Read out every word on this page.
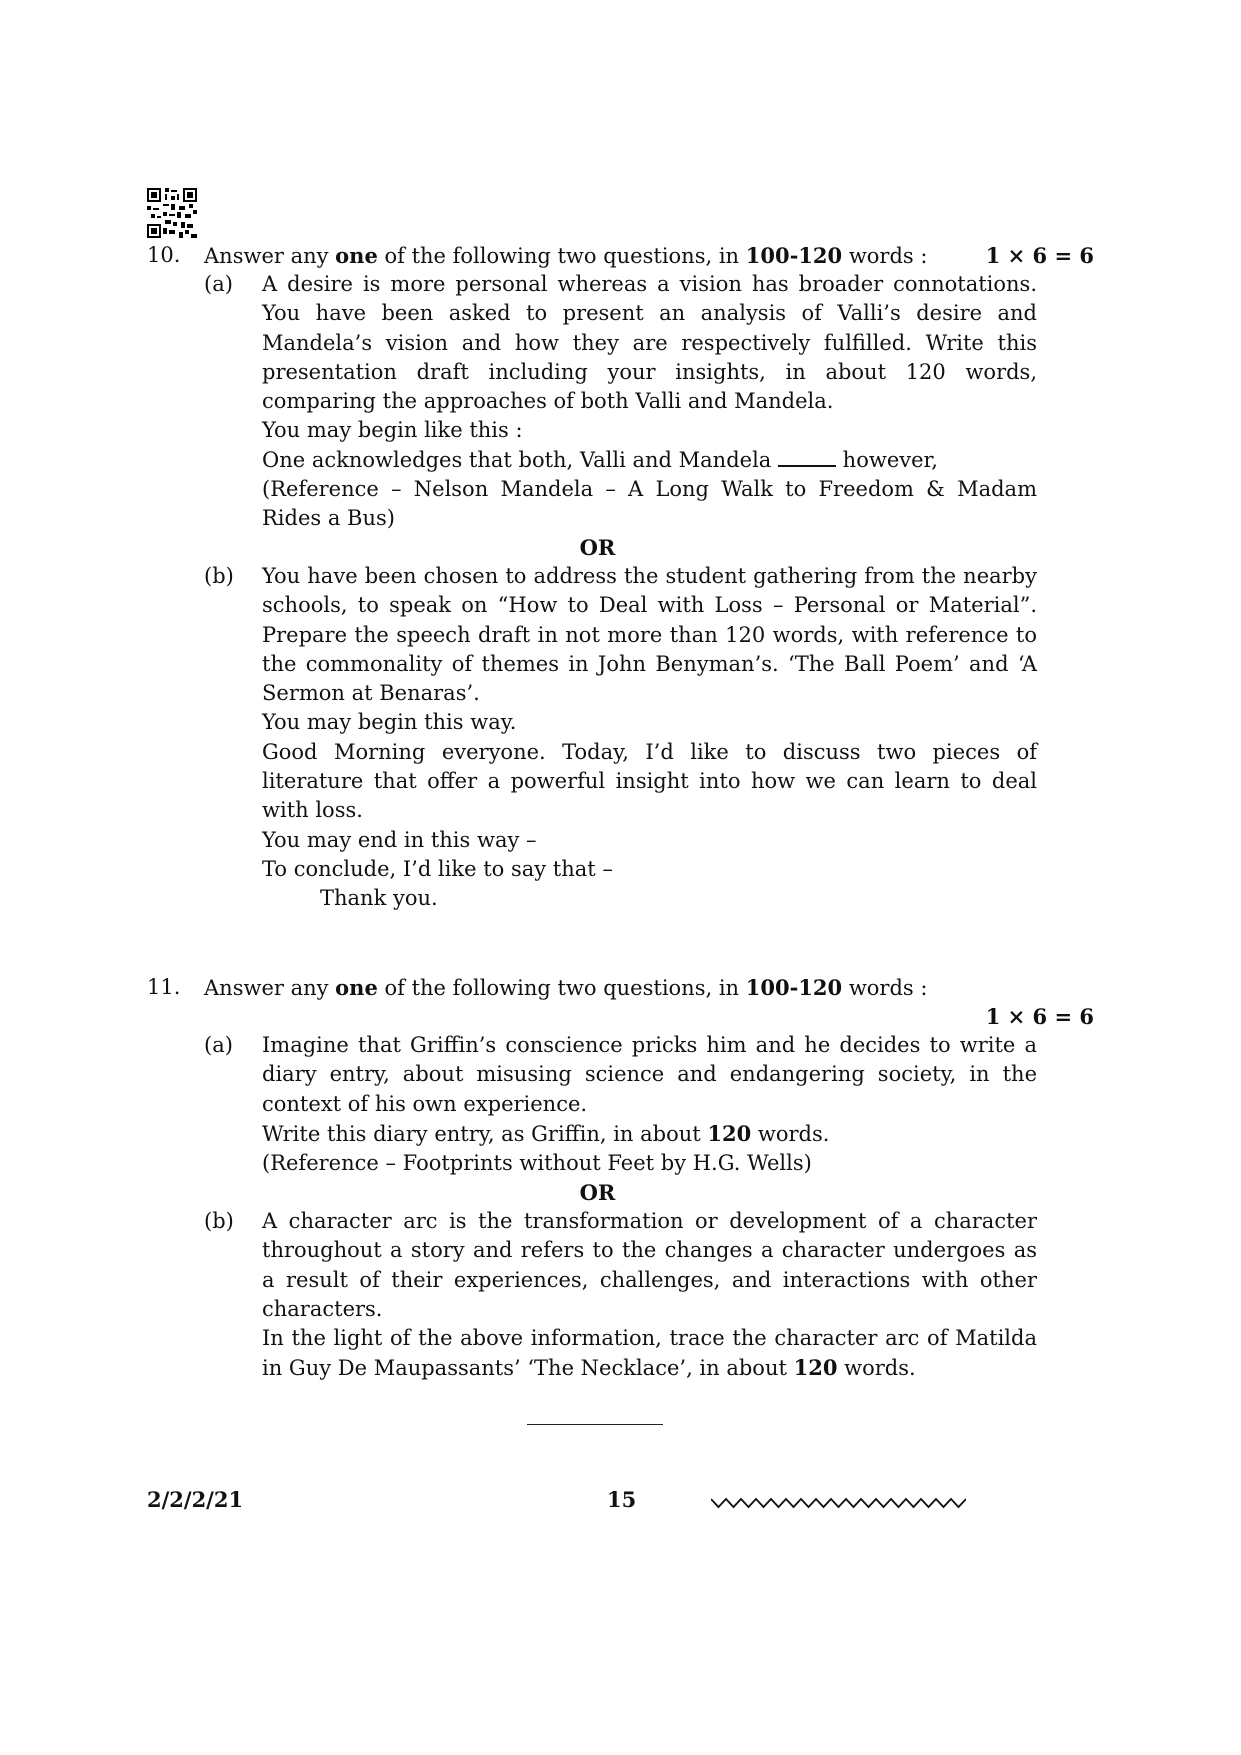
10. Answer any one of the following two questions, in 100-120 words :	1 × 6 = 6
(a) A desire is more personal whereas a vision has broader connotations. You have been asked to present an analysis of Valli’s desire and Mandela’s vision and how they are respectively fulfilled. Write this presentation draft including your insights, in about 120 words, comparing the approaches of both Valli and Mandela.

You may begin like this :

One acknowledges that both, Valli and Mandela	however,

(Reference – Nelson Mandela – A Long Walk to Freedom & Madam Rides a Bus)

OR
(b) You have been chosen to address the student gathering from the nearby schools, to speak on “How to Deal with Loss – Personal or Material”. Prepare the speech draft in not more than 120 words, with reference to the commonality of themes in John Benyman’s. ‘The Ball Poem’ and ‘A Sermon at Benaras’.

You may begin this way.

Good Morning everyone. Today, I’d like to discuss two pieces of literature that offer a powerful insight into how we can learn to deal with loss.

You may end in this way –

To conclude, I’d like to say that –

Thank you.

11. Answer any one of the following two questions, in 100-120 words :
1 × 6 = 6
(a) Imagine that Griffin’s conscience pricks him and he decides to write a diary entry, about misusing science and endangering society, in the context of his own experience.

Write this diary entry, as Griffin, in about 120 words.

(Reference – Footprints without Feet by H.G. Wells)

OR
(b) A character arc is the transformation or development of a character throughout a story and refers to the changes a character undergoes as a result of their experiences, challenges, and interactions with other characters.

In the light of the above information, trace the character arc of Matilda in Guy De Maupassants’ ‘The Necklace’, in about 120 words.

2/2/2/21	15
